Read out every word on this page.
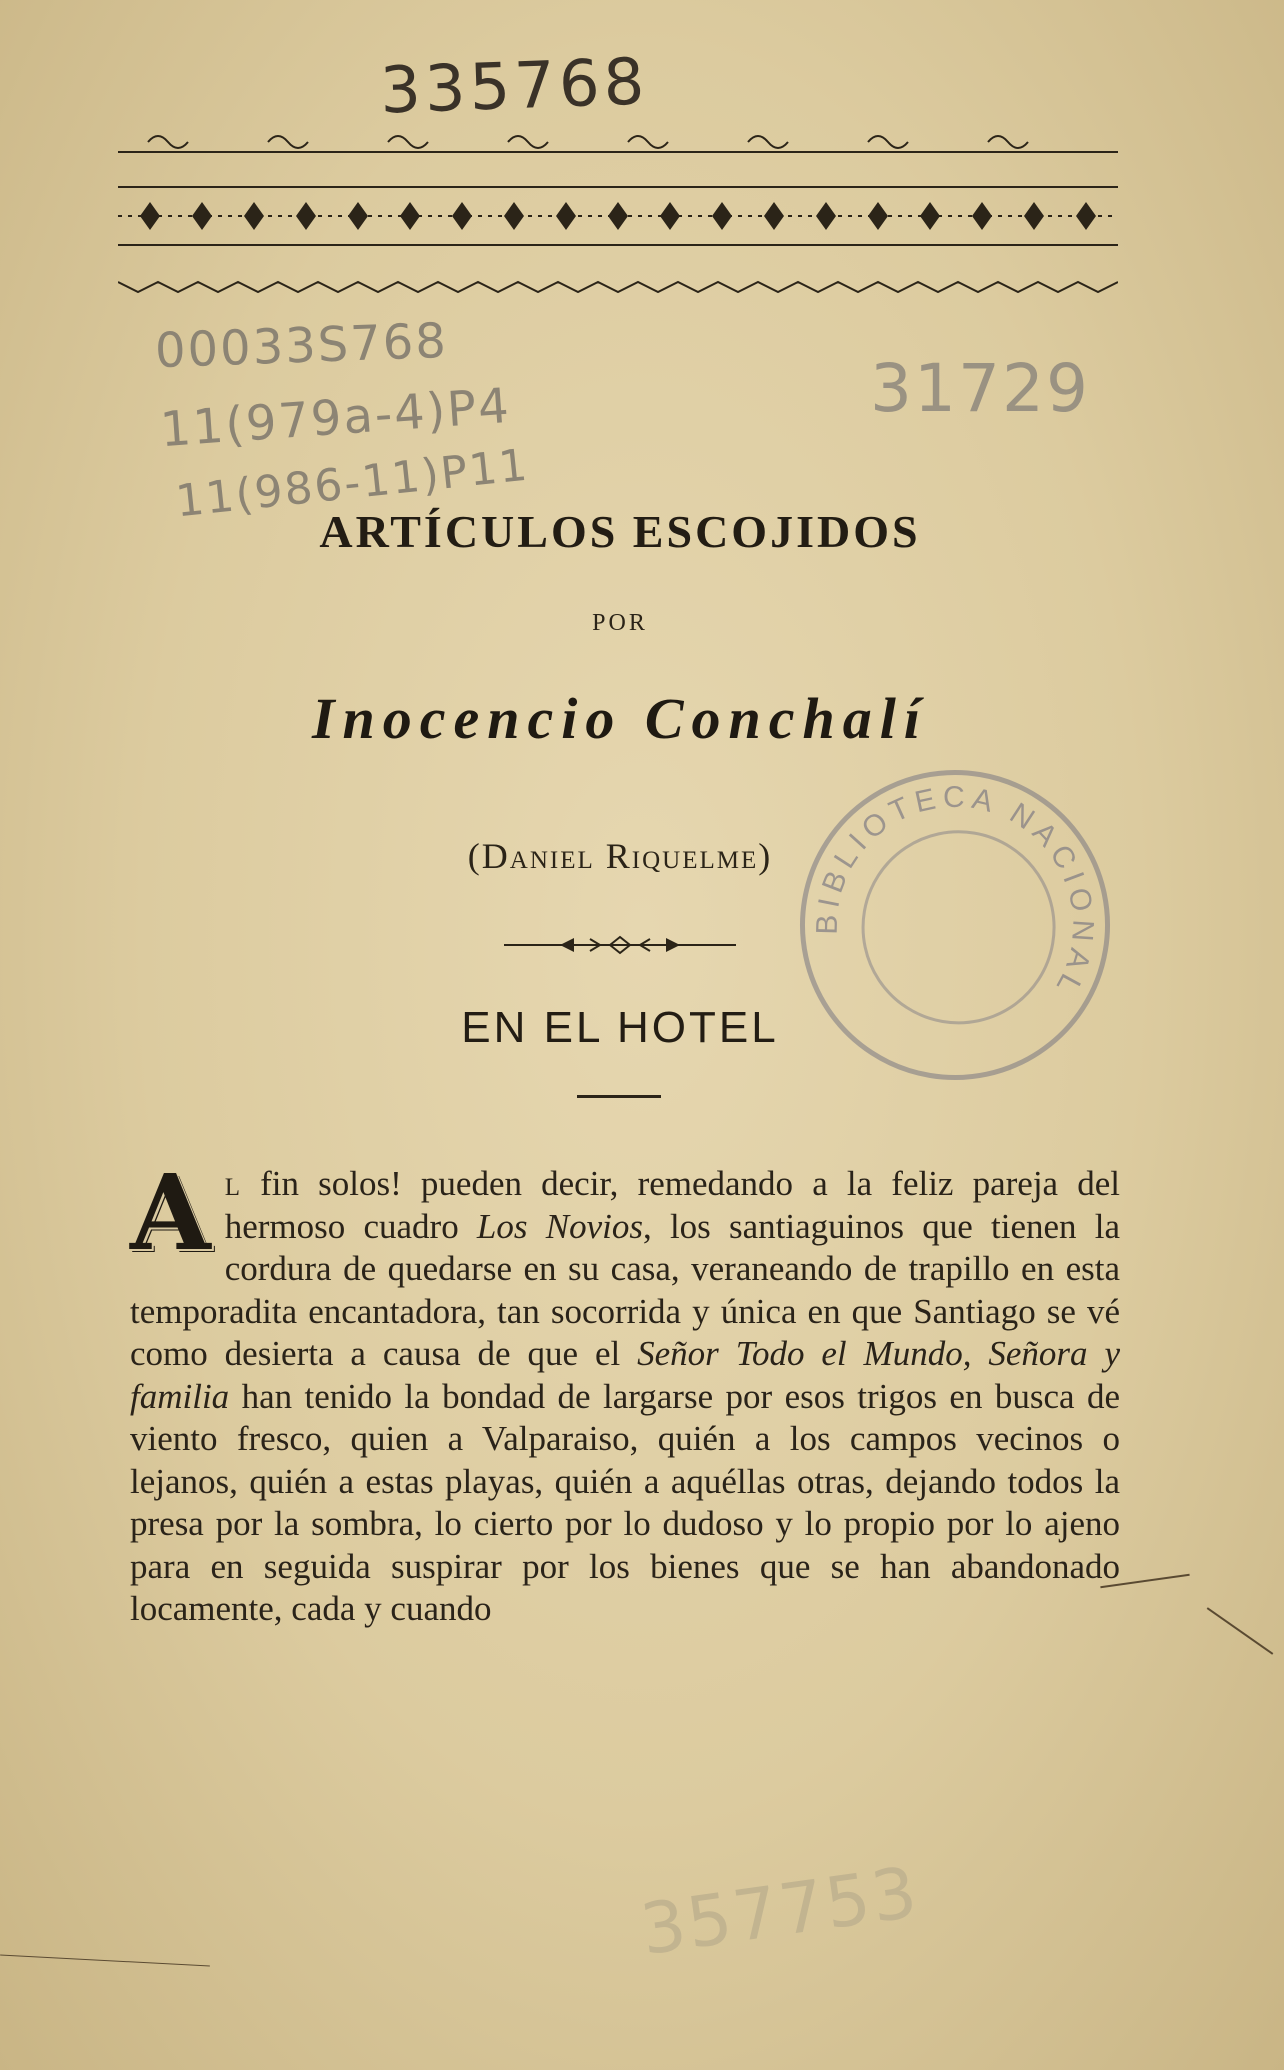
335768
00033S768
11(979a-4)P4
11(986-11)P11
31729
357753
ARTÍCULOS ESCOJIDOS
POR
Inocencio Conchalí
(Daniel Riquelme)
EN EL HOTEL
BIBLIOTECA NACIONAL

Al fin solos! pueden decir, remedando a la feliz pareja del hermoso cuadro Los Novios, los santiaguinos que tienen la cordura de quedarse en su casa, veraneando de trapillo en esta temporadita encantadora, tan socorrida y única en que Santiago se vé como desierta a causa de que el Señor Todo el Mundo, Señora y familia han tenido la bondad de largarse por esos trigos en busca de viento fresco, quien a Valparaiso, quién a los campos vecinos o lejanos, quién a estas playas, quién a aquéllas otras, dejando todos la presa por la sombra, lo cierto por lo dudoso y lo propio por lo ajeno para en seguida suspirar por los bienes que se han abandonado locamente, cada y cuando
